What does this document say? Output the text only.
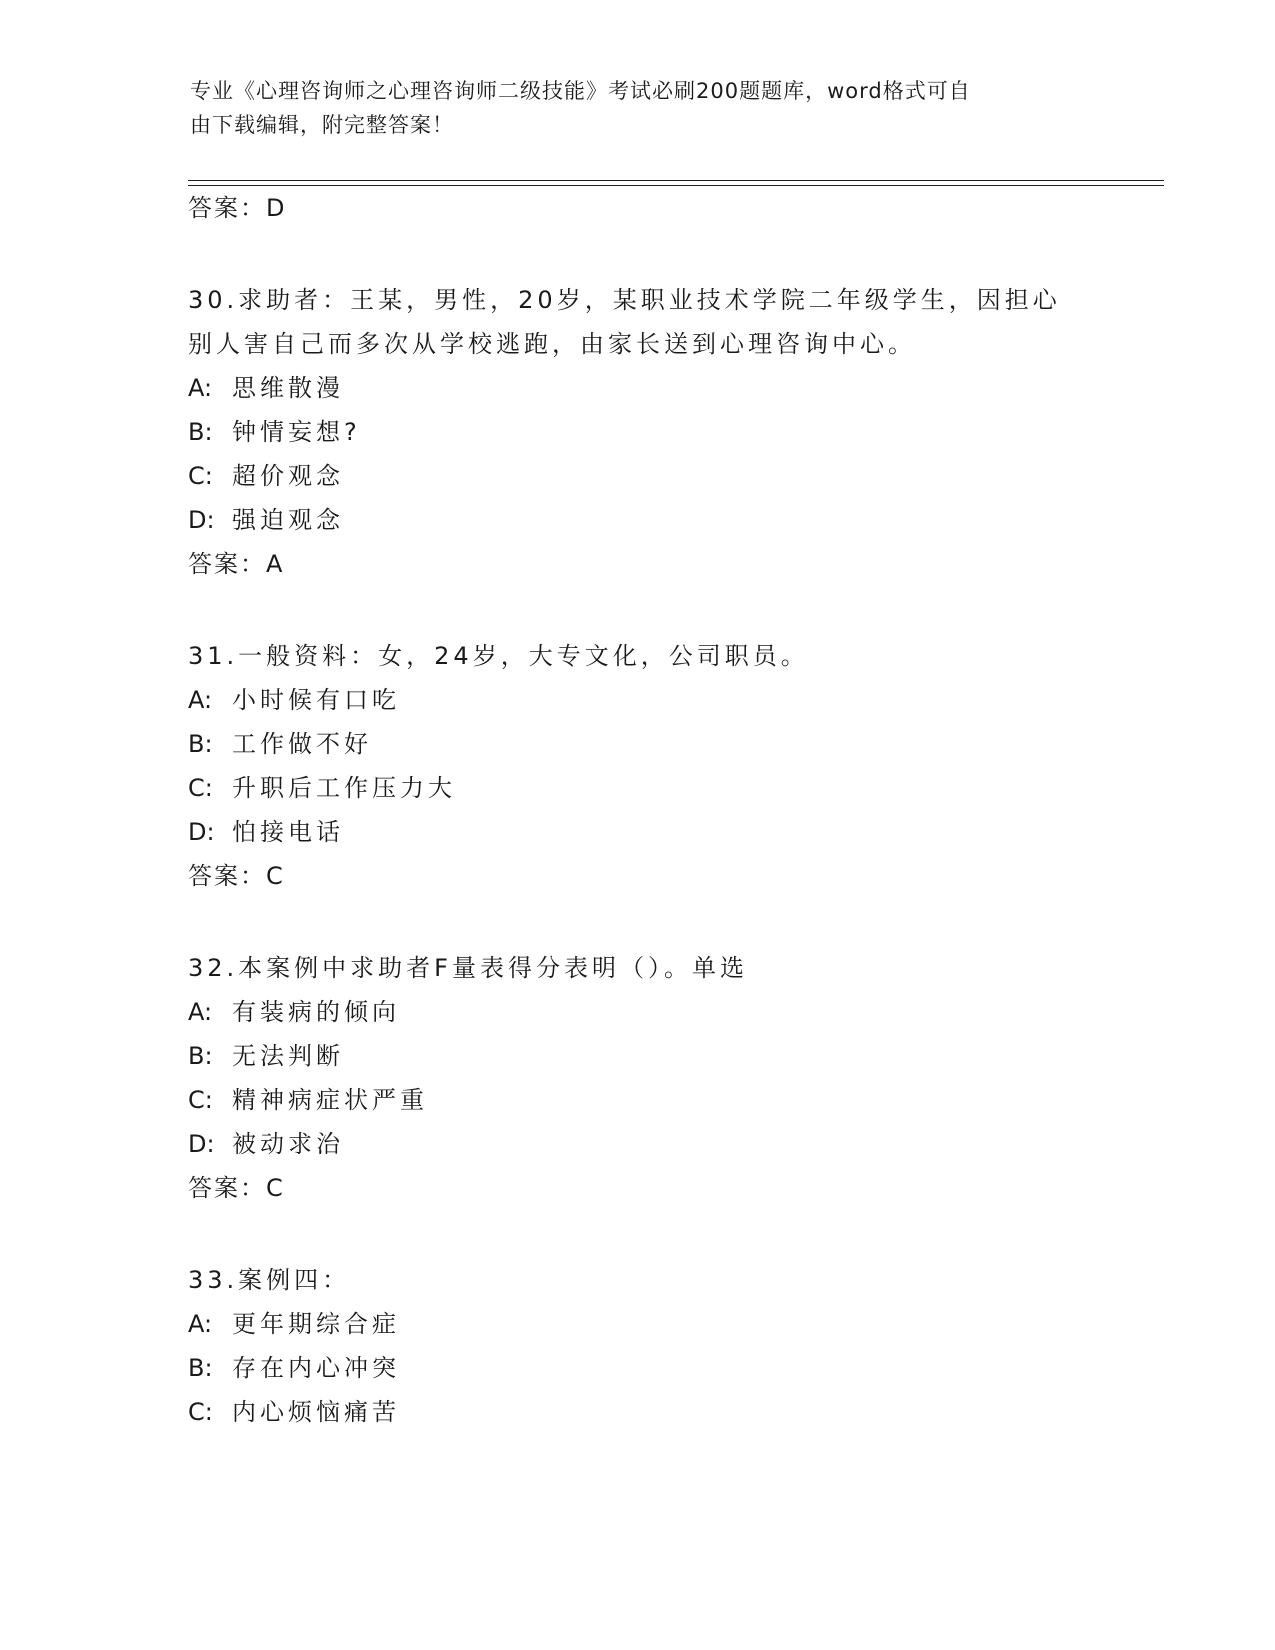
专业《心理咨询师之心理咨询师二级技能》考试必刷200题题库，word格式可自
由下载编辑，附完整答案！
答案：D
30.求助者：王某，男性，20岁，某职业技术学院二年级学生，因担心
别人害自己而多次从学校逃跑，由家长送到心理咨询中心。
A: 思维散漫
B: 钟情妄想?
C: 超价观念
D: 强迫观念
答案：A
31.一般资料：女，24岁，大专文化，公司职员。
A: 小时候有口吃
B: 工作做不好
C: 升职后工作压力大
D: 怕接电话
答案：C
32.本案例中求助者F量表得分表明（）。单选
A: 有装病的倾向
B: 无法判断
C: 精神病症状严重
D: 被动求治
答案：C
33.案例四：
A: 更年期综合症
B: 存在内心冲突
C: 内心烦恼痛苦
